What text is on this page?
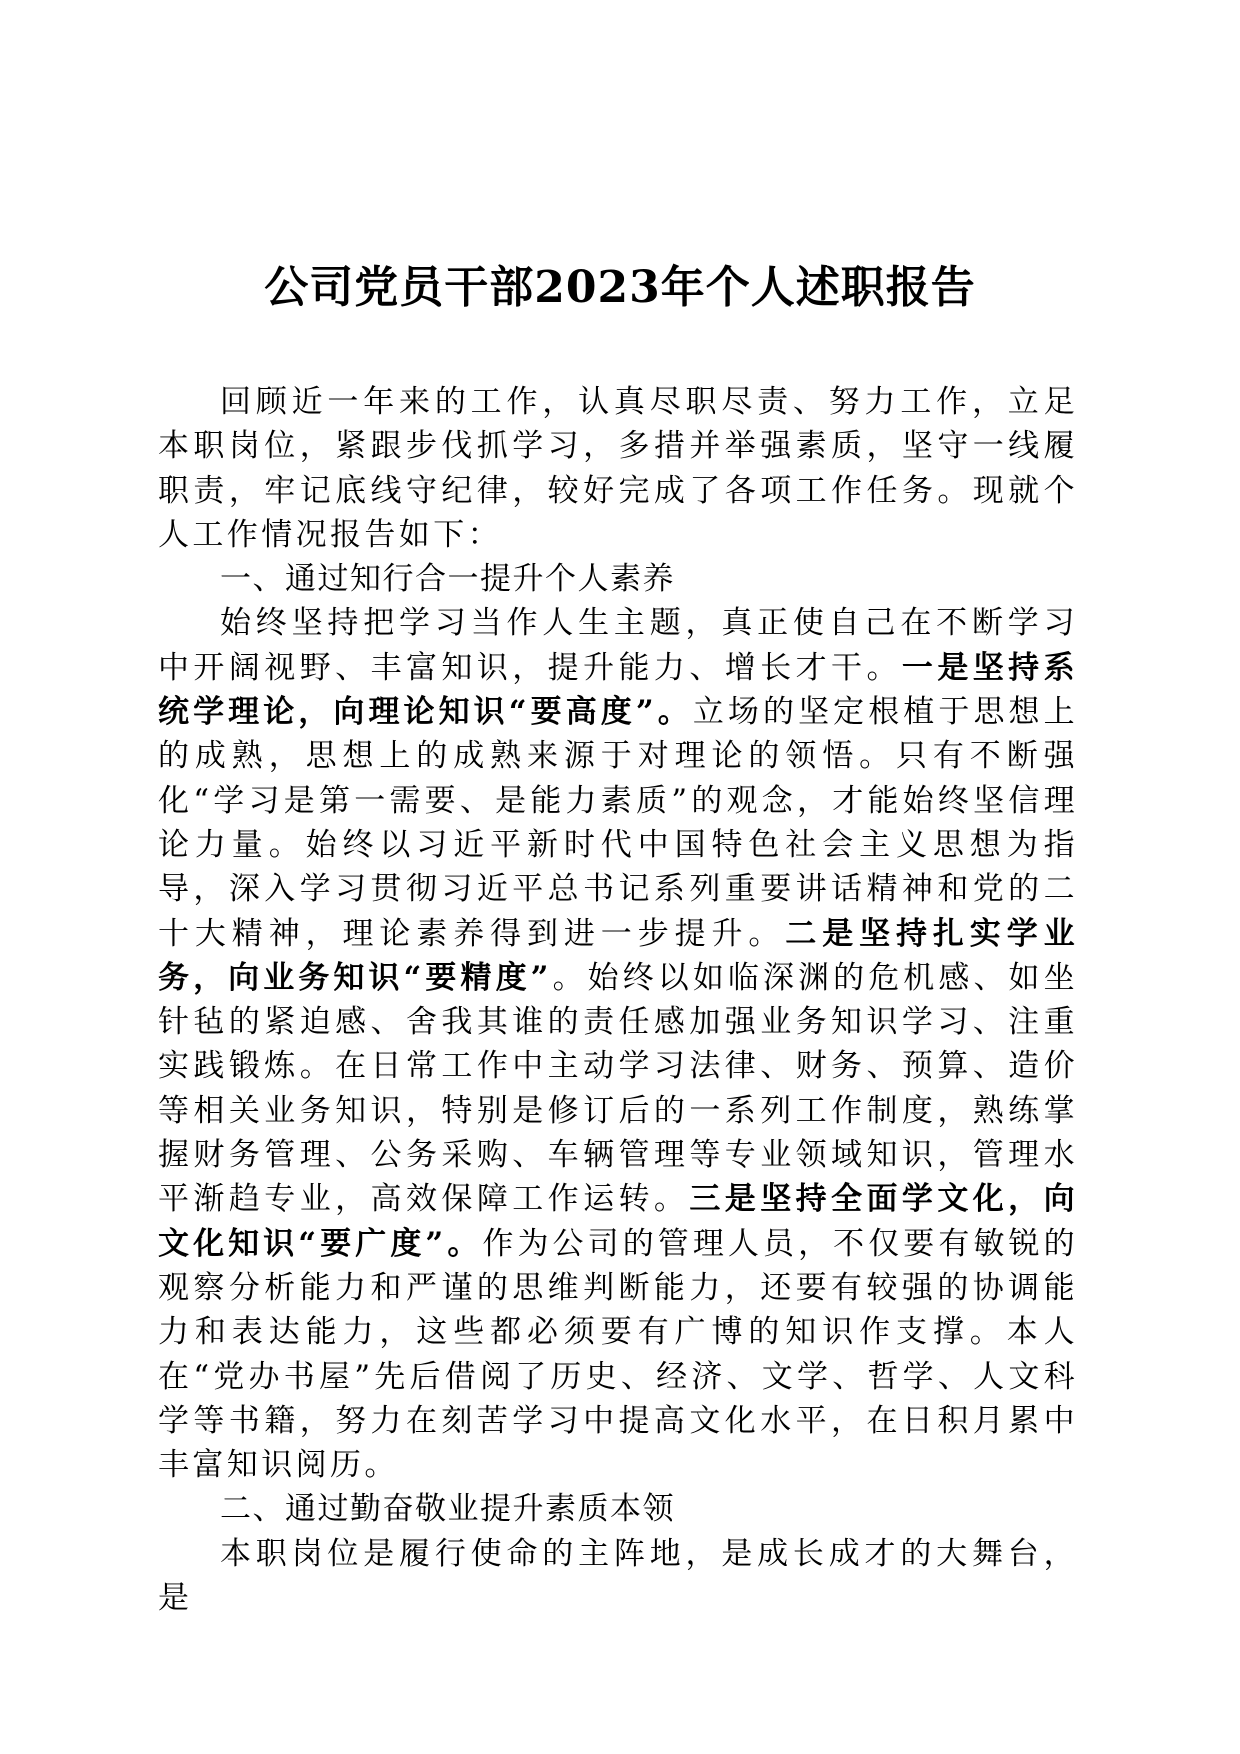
公司党员干部2023年个人述职报告

回顾近一年来的工作，认真尽职尽责、努力工作，立足本职岗位，紧跟步伐抓学习，多措并举强素质，坚守一线履职责，牢记底线守纪律，较好完成了各项工作任务。现就个人工作情况报告如下：

一、通过知行合一提升个人素养

始终坚持把学习当作人生主题，真正使自己在不断学习中开阔视野、丰富知识，提升能力、增长才干。一是坚持系统学理论，向理论知识“要高度”。立场的坚定根植于思想上的成熟，思想上的成熟来源于对理论的领悟。只有不断强化“学习是第一需要、是能力素质”的观念，才能始终坚信理论力量。始终以习近平新时代中国特色社会主义思想为指导，深入学习贯彻习近平总书记系列重要讲话精神和党的二十大精神，理论素养得到进一步提升。二是坚持扎实学业务，向业务知识“要精度”。始终以如临深渊的危机感、如坐针毡的紧迫感、舍我其谁的责任感加强业务知识学习、注重实践锻炼。在日常工作中主动学习法律、财务、预算、造价等相关业务知识，特别是修订后的一系列工作制度，熟练掌握财务管理、公务采购、车辆管理等专业领域知识，管理水平渐趋专业，高效保障工作运转。三是坚持全面学文化，向文化知识“要广度”。作为公司的管理人员，不仅要有敏锐的观察分析能力和严谨的思维判断能力，还要有较强的协调能力和表达能力，这些都必须要有广博的知识作支撑。本人在“党办书屋”先后借阅了历史、经济、文学、哲学、人文科学等书籍，努力在刻苦学习中提高文化水平，在日积月累中丰富知识阅历。

二、通过勤奋敬业提升素质本领

本职岗位是履行使命的主阵地，是成长成才的大舞台，是
